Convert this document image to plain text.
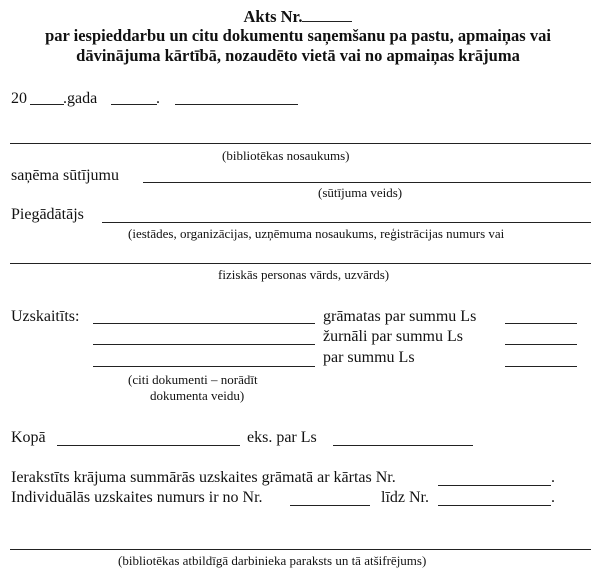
Akts Nr.
par iespieddarbu un citu dokumentu saņemšanu pa pastu, apmaiņas vai
dāvinājuma kārtībā, nozaudēto vietā vai no apmaiņas krājuma
20 .gada	.
(bibliotēkas nosaukums)
saņēma sūtījumu
(sūtījuma veids)
Piegādātājs
(iestādes, organizācijas, uzņēmuma nosaukums, reģistrācijas numurs vai
fiziskās personas vārds, uzvārds)
Uzskaitīts:	grāmatas par summu Ls
žurnāli par summu Ls
par summu Ls
(citi dokumenti – norādīt
dokumenta veidu)
Kopā	eks. par Ls
Ierakstīts krājuma summārās uzskaites grāmatā ar kārtas Nr.	.
Individuālās uzskaites numurs ir no Nr.	līdz Nr.	.
(bibliotēkas atbildīgā darbinieka paraksts un tā atšifrējums)
